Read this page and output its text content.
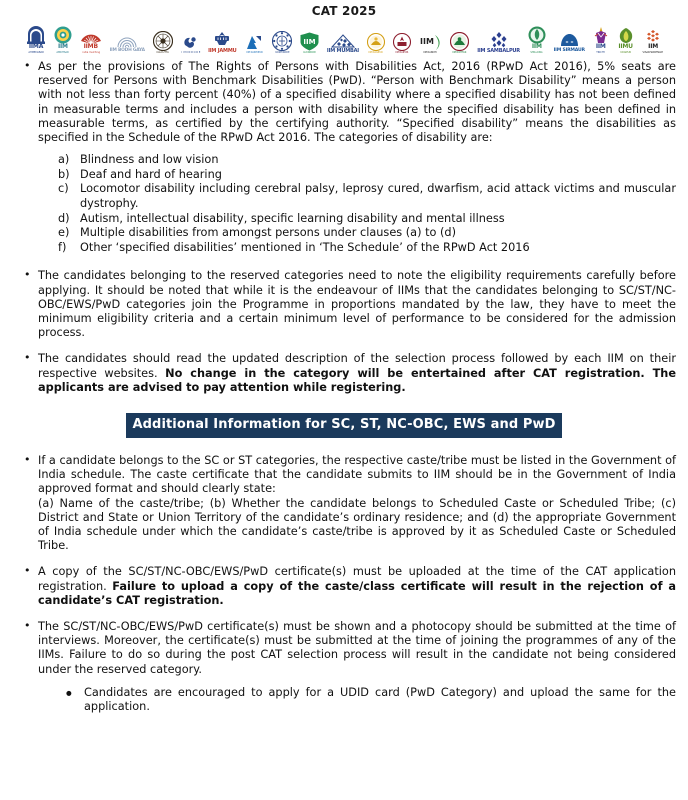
CAT 2025
IIMA
AHMEDABAD
IIM
AMRITSAR
IIMB
india mulching
IIM BODH GAYA
CALCUTTA	I I M I N D O R E IIM JAMMU	IIM KASHIPUR	KOZHIKODE
IIM
LUCKNOW IIM MUMBAI	IIM NAGPUR	IIM RAIPUR
IIM
IIM RANCHI	IIM ROHTAK IIM SAMBALPUR
IIM
SHILLONG
IIM SIRMAUR IIM
TRICHY
IIMU
UDAIPUR
IIM
VISAKHAPATNAM
• As per the provisions of The Rights of Persons with Disabilities Act, 2016 (RPwD Act 2016), 5% seats are reserved for Persons with Benchmark Disabilities (PwD). “Person with Benchmark Disability” means a person with not less than forty percent (40%) of a specified disability where a specified disability has not been defined in measurable terms and includes a person with disability where the specified disability has been defined in measurable terms, as certified by the certifying authority. “Specified disability” means the disabilities as specified in the Schedule of the RPwD Act 2016. The categories of disability are:
a) Blindness and low vision
b) Deaf and hard of hearing
c)	Locomotor disability including cerebral palsy, leprosy cured, dwarfism, acid attack victims and muscular dystrophy.
d) Autism, intellectual disability, specific learning disability and mental illness
e) Multiple disabilities from amongst persons under clauses (a) to (d)
f)	Other ‘specified disabilities’ mentioned in ‘The Schedule’ of the RPwD Act 2016
• The candidates belonging to the reserved categories need to note the eligibility requirements carefully before applying. It should be noted that while it is the endeavour of IIMs that the candidates belonging to SC/ST/NC-OBC/EWS/PwD categories join the Programme in proportions mandated by the law, they have to meet the minimum eligibility criteria and a certain minimum level of performance to be considered for the admission process.
• The candidates should read the updated description of the selection process followed by each IIM on their respective websites. No change in the category will be entertained after CAT registration. The applicants are advised to pay attention while registering.
Additional Information for SC, ST, NC-OBC, EWS and PwD
• If a candidate belongs to the SC or ST categories, the respective caste/tribe must be listed in the Government of India schedule. The caste certificate that the candidate submits to IIM should be in the Government of India approved format and should clearly state:
(a) Name of the caste/tribe; (b) Whether the candidate belongs to Scheduled Caste or Scheduled Tribe; (c) District and State or Union Territory of the candidate’s ordinary residence; and (d) the appropriate Government of India schedule under which the candidate’s caste/tribe is approved by it as Scheduled Caste or Scheduled Tribe.
• A copy of the SC/ST/NC-OBC/EWS/PwD certificate(s) must be uploaded at the time of the CAT application registration. Failure to upload a copy of the caste/class certificate will result in the rejection of a candidate’s CAT registration.
• The SC/ST/NC-OBC/EWS/PwD certificate(s) must be shown and a photocopy should be submitted at the time of interviews. Moreover, the certificate(s) must be submitted at the time of joining the programmes of any of the IIMs. Failure to do so during the post CAT selection process will result in the candidate not being considered under the reserved category.
● Candidates are encouraged to apply for a UDID card (PwD Category) and upload the same for the application.
